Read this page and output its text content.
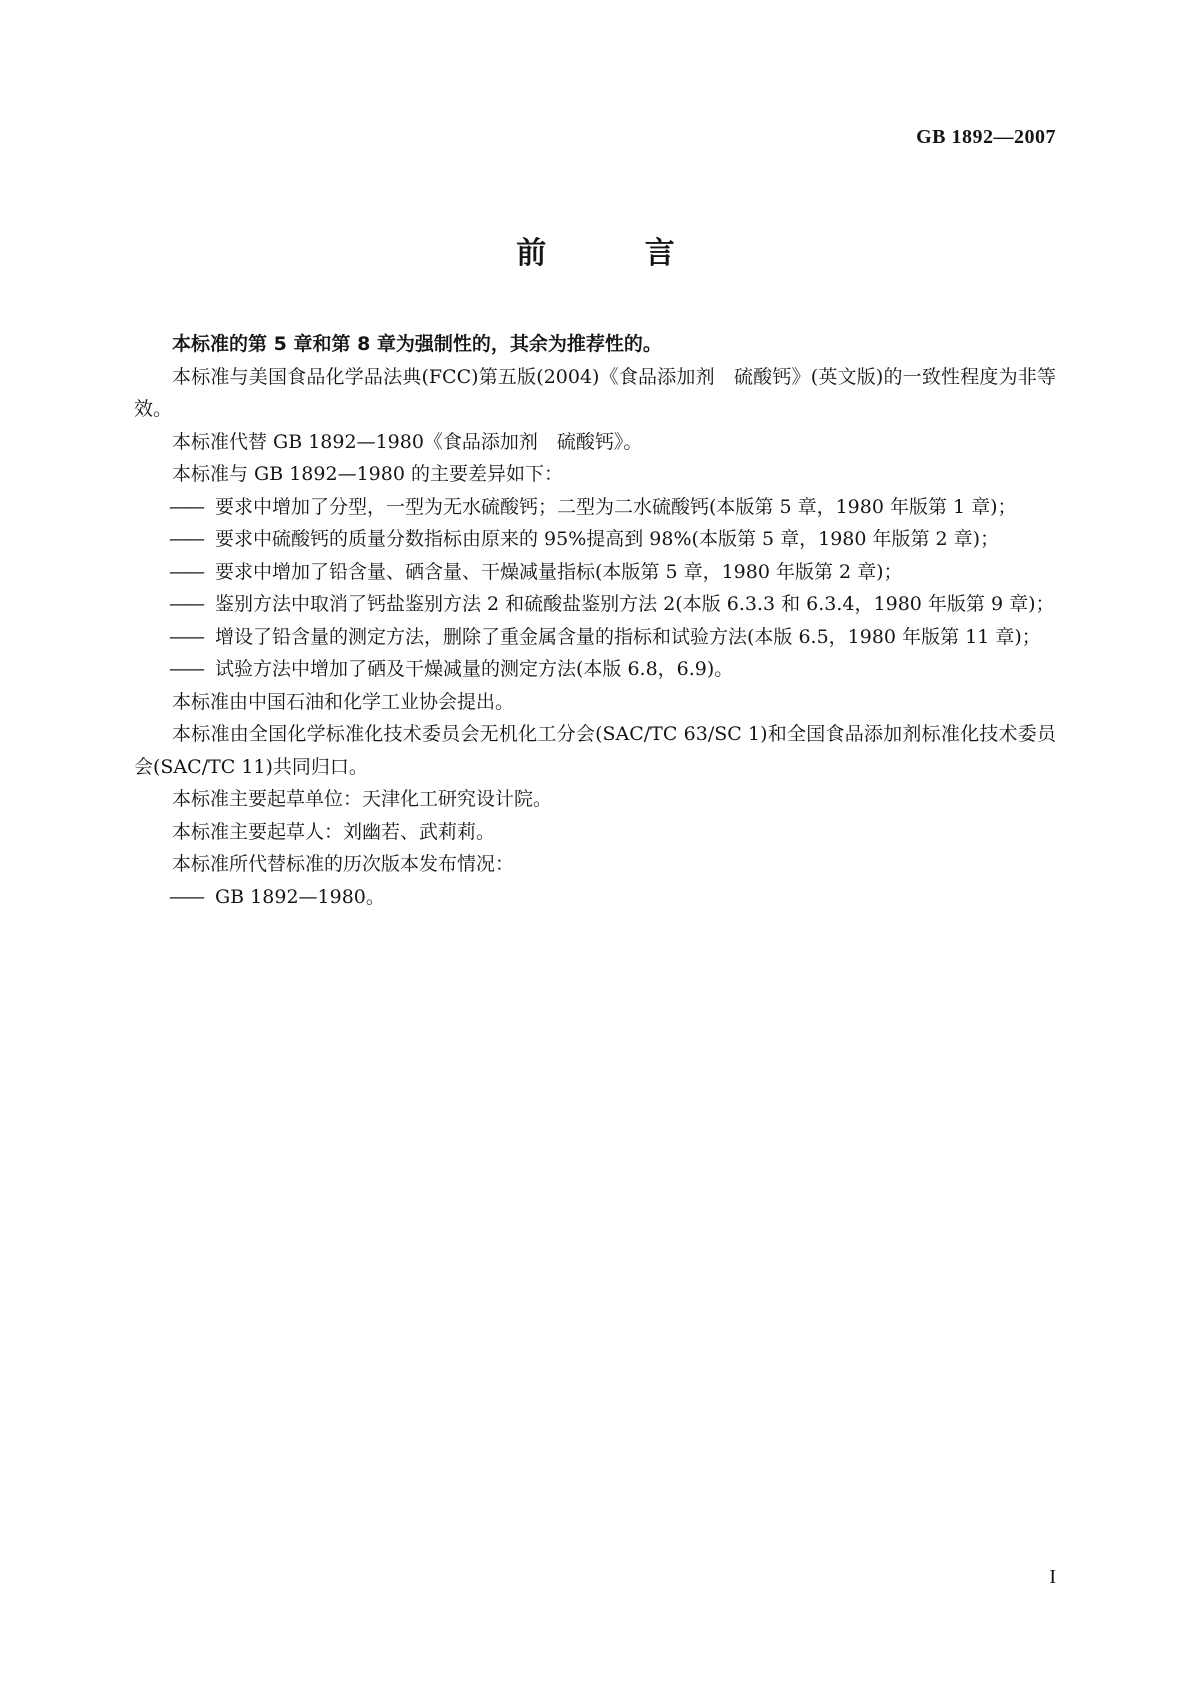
GB 1892—2007
前 言

本标准的第 5 章和第 8 章为强制性的，其余为推荐性的。

本标准与美国食品化学品法典(FCC)第五版(2004)《食品添加剂　硫酸钙》(英文版)的一致性程度为非等效。

本标准代替 GB 1892—1980《食品添加剂　硫酸钙》。

本标准与 GB 1892—1980 的主要差异如下：

—— 要求中增加了分型，一型为无水硫酸钙；二型为二水硫酸钙(本版第 5 章，1980 年版第 1 章)；

—— 要求中硫酸钙的质量分数指标由原来的 95%提高到 98%(本版第 5 章，1980 年版第 2 章)；

—— 要求中增加了铅含量、硒含量、干燥减量指标(本版第 5 章，1980 年版第 2 章)；

—— 鉴别方法中取消了钙盐鉴别方法 2 和硫酸盐鉴别方法 2(本版 6.3.3 和 6.3.4，1980 年版第 9 章)；

—— 增设了铅含量的测定方法，删除了重金属含量的指标和试验方法(本版 6.5，1980 年版第 11 章)；

—— 试验方法中增加了硒及干燥减量的测定方法(本版 6.8，6.9)。

本标准由中国石油和化学工业协会提出。

本标准由全国化学标准化技术委员会无机化工分会(SAC/TC 63/SC 1)和全国食品添加剂标准化技术委员会(SAC/TC 11)共同归口。

本标准主要起草单位：天津化工研究设计院。

本标准主要起草人：刘幽若、武莉莉。

本标准所代替标准的历次版本发布情况：

—— GB 1892—1980。

I
